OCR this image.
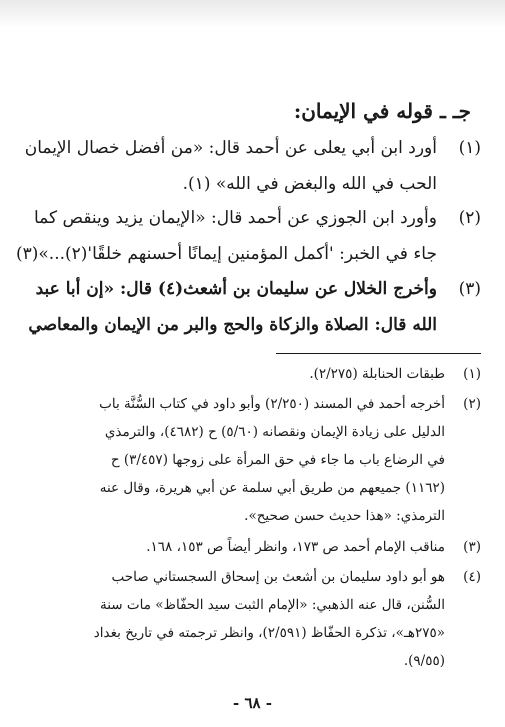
جـ ـ قوله في الإيمان:
(١)
أورد ابن أبي يعلى عن أحمد قال: «من أفضل خصال الإيمان
الحب في الله والبغض في الله» (١).
(٢)
وأورد ابن الجوزي عن أحمد قال: «الإيمان يزيد وينقص كما
جاء في الخبر: 'أكمل المؤمنين إيمانًا أحسنهم خلقًا'(٢)...»(٣)
(٣)
وأخرج الخلال عن سليمان بن أشعث(٤) قال: «إن أبا عبد
الله قال: الصلاة والزكاة والحج والبر من الإيمان والمعاصي
(١)
طبقات الحنابلة (٢/٢٧٥).
(٢)
أخرجه أحمد في المسند (٢/٢٥٠) وأبو داود في كتاب السُّنَّة باب
الدليل على زيادة الإيمان ونقصانه (٥/٦٠) ح (٤٦٨٢)، والترمذي
في الرضاع باب ما جاء في حق المرأة على زوجها (٣/٤٥٧) ح
(١١٦٢) جميعهم من طريق أبي سلمة عن أبي هريرة، وقال عنه
الترمذي: «هذا حديث حسن صحيح».
(٣)
مناقب الإمام أحمد ص ١٧٣، وانظر أيضاً ص ١٥٣، ١٦٨.
(٤)
هو أبو داود سليمان بن أشعث بن إسحاق السجستاني صاحب
السُّنن، قال عنه الذهبي: «الإمام الثبت سيد الحفّاظ» مات سنة
«٢٧٥هـ»، تذكرة الحفّاظ (٢/٥٩١)، وانظر ترجمته في تاريخ بغداد
(٩/٥٥).
- ٦٨ -
